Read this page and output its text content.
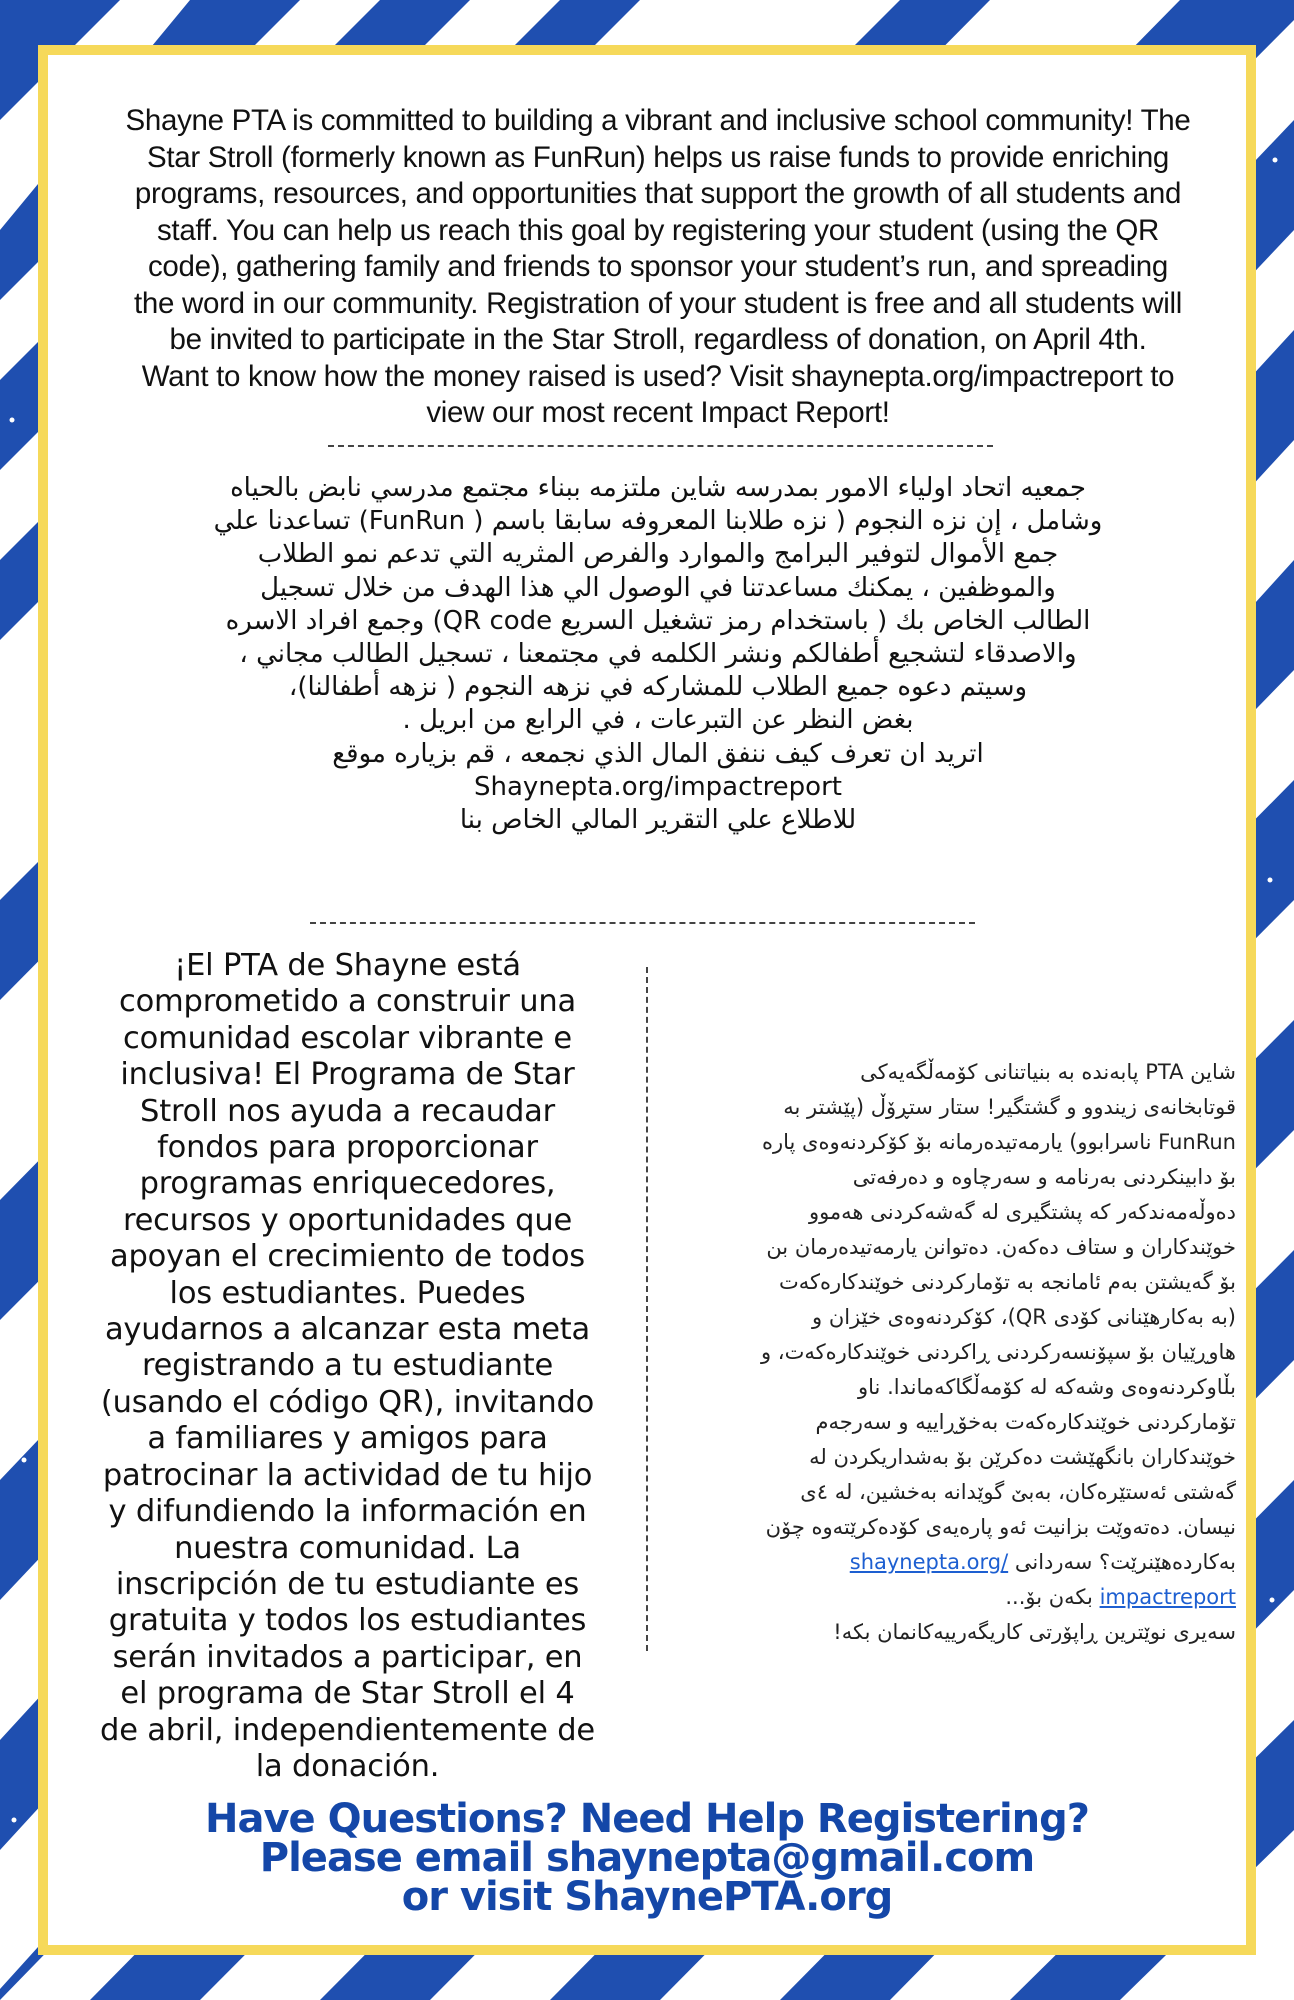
Shayne PTA is committed to building a vibrant and inclusive school community! The
Star Stroll (formerly known as FunRun) helps us raise funds to provide enriching
programs, resources, and opportunities that support the growth of all students and
staff. You can help us reach this goal by registering your student (using the QR
code), gathering family and friends to sponsor your student’s run, and spreading
the word in our community. Registration of your student is free and all students will
be invited to participate in the Star Stroll, regardless of donation, on April 4th.
Want to know how the money raised is used? Visit shaynepta.org/impactreport to
view our most recent Impact Report!
جمعيه اتحاد اولياء الامور بمدرسه شاين ملتزمه ببناء مجتمع مدرسي نابض بالحياه
وشامل ، إن نزه النجوم ( نزه طلابنا المعروفه سابقا باسم ( FunRun) تساعدنا علي
جمع الأموال لتوفير البرامج والموارد والفرص المثريه التي تدعم نمو الطلاب
والموظفين ، يمكنك مساعدتنا في الوصول الي هذا الهدف من خلال تسجيل
الطالب الخاص بك ( باستخدام رمز تشغيل السريع QR code) وجمع افراد الاسره
والاصدقاء لتشجيع أطفالكم ونشر الكلمه في مجتمعنا ، تسجيل الطالب مجاني ،
وسيتم دعوه جميع الطلاب للمشاركه في نزهه النجوم ( نزهه أطفالنا)،
بغض النظر عن التبرعات ، في الرابع من ابريل .
اتريد ان تعرف كيف ننفق المال الذي نجمعه ، قم بزياره موقع
Shaynepta.org/impactreport
للاطلاع علي التقرير المالي الخاص بنا
¡El PTA de Shayne está
comprometido a construir una
comunidad escolar vibrante e
inclusiva! El Programa de Star
Stroll nos ayuda a recaudar
fondos para proporcionar
programas enriquecedores,
recursos y oportunidades que
apoyan el crecimiento de todos
los estudiantes. Puedes
ayudarnos a alcanzar esta meta
registrando a tu estudiante
(usando el código QR), invitando
a familiares y amigos para
patrocinar la actividad de tu hijo
y difundiendo la información en
nuestra comunidad. La
inscripción de tu estudiante es
gratuita y todos los estudiantes
serán invitados a participar, en
el programa de Star Stroll el 4
de abril, independientemente de
la donación.
شاین PTA پابەندە بە بنیاتنانی کۆمەڵگەیەکی
قوتابخانەی زیندوو و گشتگیر! ستار ستڕۆڵ (پێشتر بە
FunRun ناسرابوو) یارمەتیدەرمانە بۆ کۆکردنەوەی پارە
بۆ دابینکردنی بەرنامە و سەرچاوە و دەرفەتی
دەوڵەمەندکەر کە پشتگیری لە گەشەکردنی هەموو
خوێندکاران و ستاف دەکەن. دەتوانن یارمەتیدەرمان بن
بۆ گەیشتن بەم ئامانجە بە تۆمارکردنی خوێندکارەکەت
(بە بەکارهێنانی کۆدی QR)، کۆکردنەوەی خێزان و
هاوڕێیان بۆ سپۆنسەرکردنی ڕاکردنی خوێندکارەکەت، و
بڵاوکردنەوەی وشەکە لە کۆمەڵگاکەماندا. ناو
تۆمارکردنی خوێندکارەکەت بەخۆڕاییە و سەرجەم
خوێندکاران بانگهێشت دەکرێن بۆ بەشداریکردن لە
گەشتی ئەستێرەکان، بەبێ گوێدانە بەخشین، لە ٤ی
نیسان. دەتەوێت بزانیت ئەو پارەیەی کۆدەکرێتەوە چۆن
بەکاردەهێنرێت؟ سەردانی shaynepta.org/
impactreport بکەن بۆ...
سەیری نوێترین ڕاپۆرتی کاریگەرییەکانمان بکە!
Have Questions? Need Help Registering?
Please email shaynepta@gmail.com
or visit ShaynePTA.org
